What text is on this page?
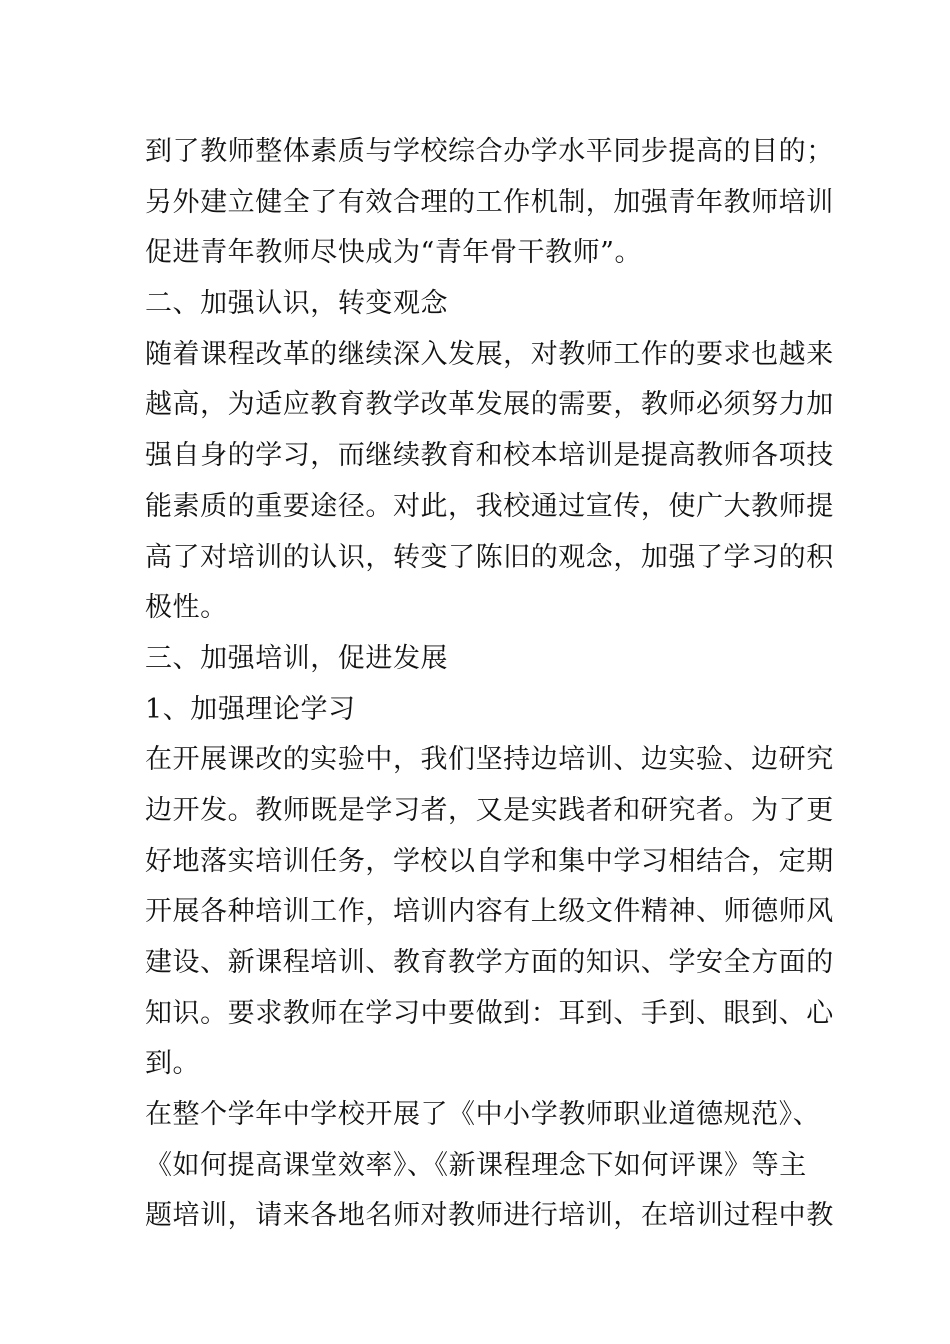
到了教师整体素质与学校综合办学水平同步提高的目的；
另外建立健全了有效合理的工作机制，加强青年教师培训
促进青年教师尽快成为“青年骨干教师”。
二、加强认识，转变观念
随着课程改革的继续深入发展，对教师工作的要求也越来
越高，为适应教育教学改革发展的需要，教师必须努力加
强自身的学习，而继续教育和校本培训是提高教师各项技
能素质的重要途径。对此，我校通过宣传，使广大教师提
高了对培训的认识，转变了陈旧的观念，加强了学习的积
极性。
三、加强培训，促进发展
1、加强理论学习
在开展课改的实验中，我们坚持边培训、边实验、边研究
边开发。教师既是学习者，又是实践者和研究者。为了更
好地落实培训任务，学校以自学和集中学习相结合，定期
开展各种培训工作，培训内容有上级文件精神、师德师风
建设、新课程培训、教育教学方面的知识、学安全方面的
知识。要求教师在学习中要做到：耳到、手到、眼到、心
到。
在整个学年中学校开展了《中小学教师职业道德规范》、
《如何提高课堂效率》、《新课程理念下如何评课》等主
题培训，请来各地名师对教师进行培训，在培训过程中教
